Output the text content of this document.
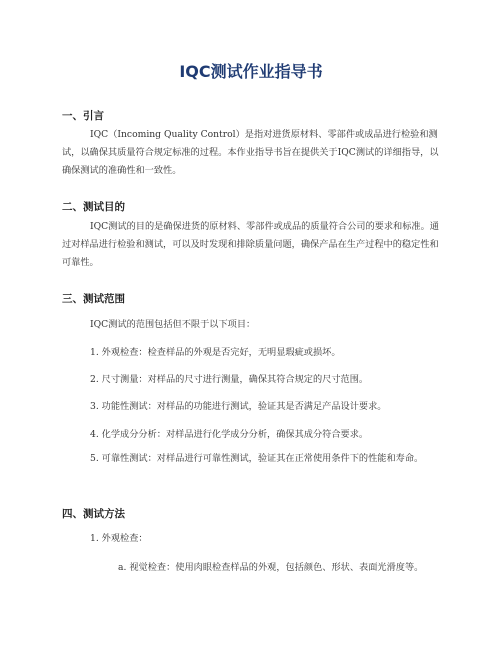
IQC测试作业指导书
一、引言
IQC（Incoming Quality Control）是指对进货原材料、零部件或成品进行检验和测试，以确保其质量符合规定标准的过程。本作业指导书旨在提供关于IQC测试的详细指导，以确保测试的准确性和一致性。
二、测试目的
IQC测试的目的是确保进货的原材料、零部件或成品的质量符合公司的要求和标准。通过对样品进行检验和测试，可以及时发现和排除质量问题，确保产品在生产过程中的稳定性和可靠性。
三、测试范围
IQC测试的范围包括但不限于以下项目：
1. 外观检查：检查样品的外观是否完好，无明显瑕疵或损坏。
2. 尺寸测量：对样品的尺寸进行测量，确保其符合规定的尺寸范围。
3. 功能性测试：对样品的功能进行测试，验证其是否满足产品设计要求。
4. 化学成分分析：对样品进行化学成分分析，确保其成分符合要求。
5. 可靠性测试：对样品进行可靠性测试，验证其在正常使用条件下的性能和寿命。
四、测试方法
1. 外观检查：
a. 视觉检查：使用肉眼检查样品的外观，包括颜色、形状、表面光滑度等。
